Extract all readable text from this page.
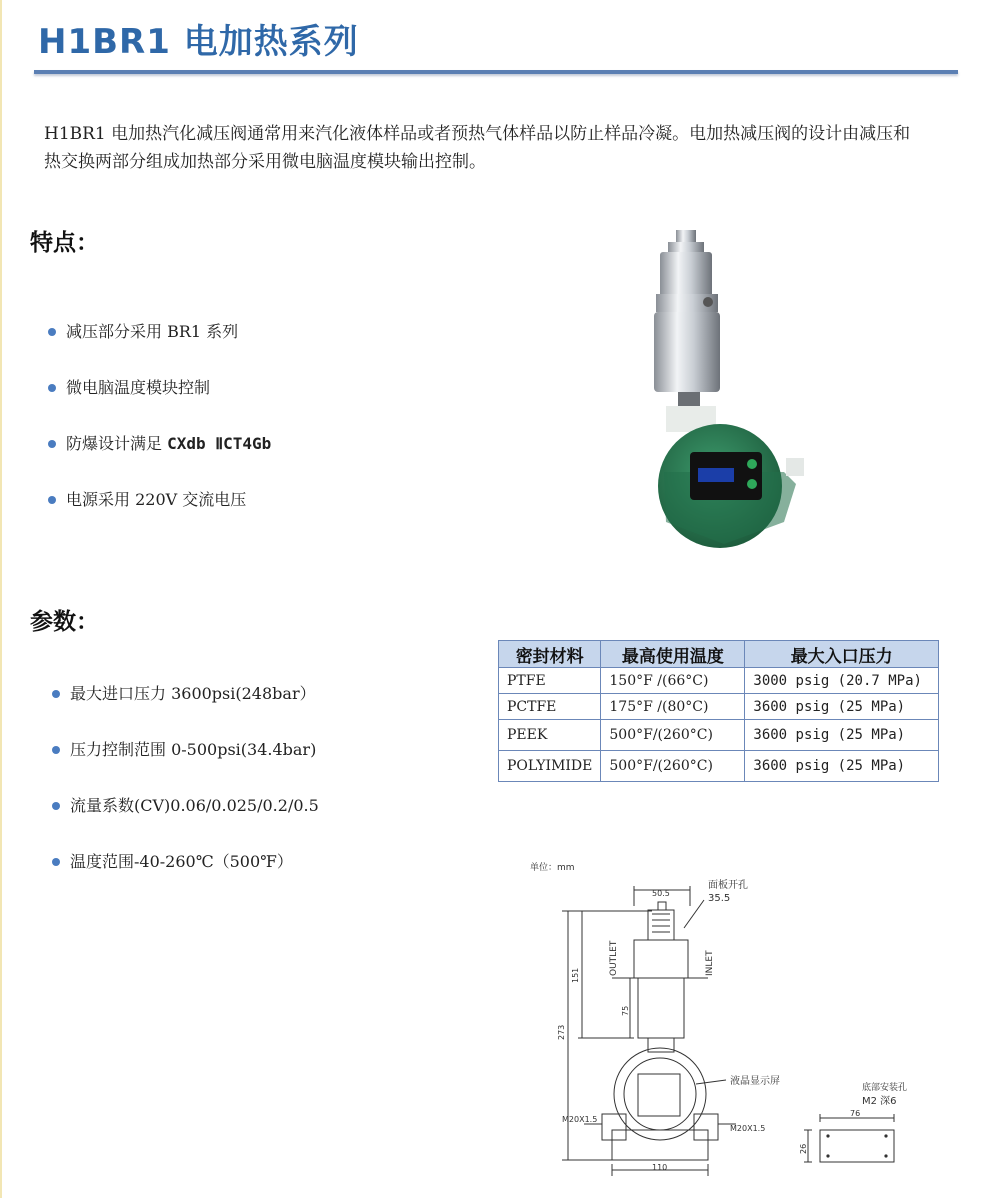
H1BR1 电加热系列

H1BR1 电加热汽化减压阀通常用来汽化液体样品或者预热气体样品以防止样品冷凝。电加热减压阀的设计由减压和热交换两部分组成加热部分采用微电脑温度模块输出控制。

特点：
减压部分采用 BR1 系列
微电脑温度模块控制
防爆设计满足 CXdb ⅡCT4Gb
电源采用 220V 交流电压
参数：
最大进口压力 3600psi(248bar）
压力控制范围 0-500psi(34.4bar)
流量系数(CV)0.06/0.025/0.2/0.5
温度范围-40-260℃（500℉）
密封材料	最高使用温度	最大入口压力
PTFE	150°F /(66°C)	3000 psig (20.7 MPa)
PCTFE	175°F /(80°C)	3600 psig (25 MPa)
PEEK	500°F/(260°C)	3600 psig (25 MPa)
POLYIMIDE	500°F/(260°C)	3600 psig (25 MPa)
单位：mm
面板开孔
35.5
50.5
OUTLET	INLET
151
273
75
液晶显示屏
M20X1.5
M20X1.5
110
底部安装孔
M2 深6
76
26
